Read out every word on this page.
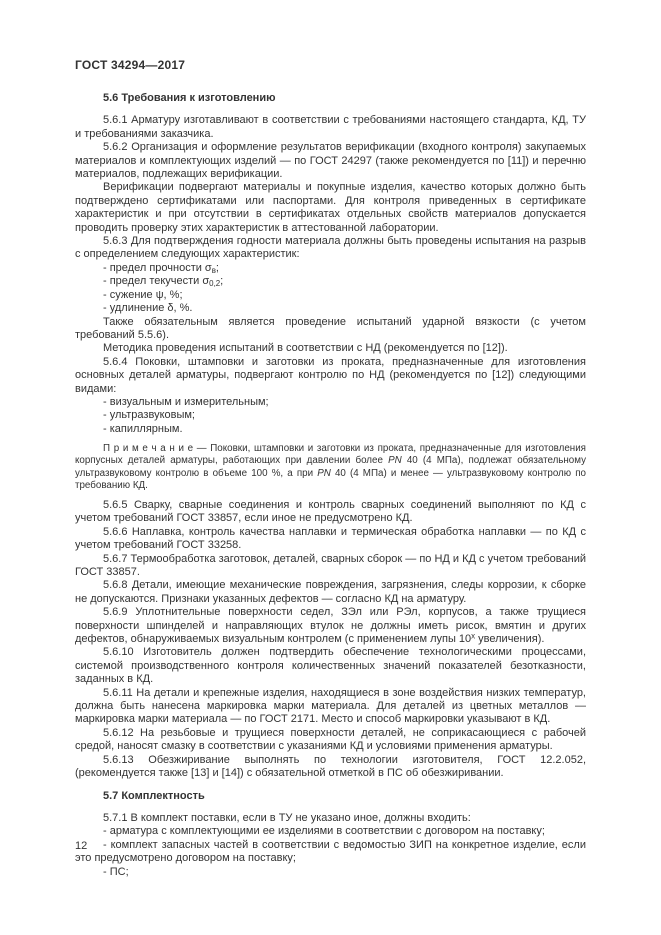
ГОСТ 34294—2017
5.6 Требования к изготовлению

5.6.1 Арматуру изготавливают в соответствии с требованиями настоящего стандарта, КД, ТУ и требованиями заказчика.

5.6.2 Организация и оформление результатов верификации (входного контроля) закупаемых материалов и комплектующих изделий — по ГОСТ 24297 (также рекомендуется по [11]) и перечню материалов, подлежащих верификации.

Верификации подвергают материалы и покупные изделия, качество которых должно быть подтверждено сертификатами или паспортами. Для контроля приведенных в сертификате характеристик и при отсутствии в сертификатах отдельных свойств материалов допускается проводить проверку этих характеристик в аттестованной лаборатории.

5.6.3 Для подтверждения годности материала должны быть проведены испытания на разрыв с определением следующих характеристик:

- предел прочности $\sigma_в$;

- предел текучести $\sigma_{0,2}$;

- сужение ψ, %;

- удлинение δ, %.

Также обязательным является проведение испытаний ударной вязкости (с учетом требований 5.5.6).

Методика проведения испытаний в соответствии с НД (рекомендуется по [12]).

5.6.4 Поковки, штамповки и заготовки из проката, предназначенные для изготовления основных деталей арматуры, подвергают контролю по НД (рекомендуется по [12]) следующими видами:

- визуальным и измерительным;

- ультразвуковым;

- капиллярным.

П р и м е ч а н и е — Поковки, штамповки и заготовки из проката, предназначенные для изготовления корпусных деталей арматуры, работающих при давлении более PN 40 (4 МПа), подлежат обязательному ультразвуковому контролю в объеме 100 %, а при PN 40 (4 МПа) и менее — ультразвуковому контролю по требованию КД.

5.6.5 Сварку, сварные соединения и контроль сварных соединений выполняют по КД с учетом требований ГОСТ 33857, если иное не предусмотрено КД.

5.6.6 Наплавка, контроль качества наплавки и термическая обработка наплавки — по КД с учетом требований ГОСТ 33258.

5.6.7 Термообработка заготовок, деталей, сварных сборок — по НД и КД с учетом требований ГОСТ 33857.

5.6.8 Детали, имеющие механические повреждения, загрязнения, следы коррозии, к сборке не допускаются. Признаки указанных дефектов — согласно КД на арматуру.

5.6.9 Уплотнительные поверхности седел, ЗЭл или РЭл, корпусов, а также трущиеся поверхности шпинделей и направляющих втулок не должны иметь рисок, вмятин и других дефектов, обнаруживаемых визуальным контролем (с применением лупы $10^х$ увеличения).

5.6.10 Изготовитель должен подтвердить обеспечение технологическими процессами, системой производственного контроля количественных значений показателей безотказности, заданных в КД.

5.6.11 На детали и крепежные изделия, находящиеся в зоне воздействия низких температур, должна быть нанесена маркировка марки материала. Для деталей из цветных металлов — маркировка марки материала — по ГОСТ 2171. Место и способ маркировки указывают в КД.

5.6.12 На резьбовые и трущиеся поверхности деталей, не соприкасающиеся с рабочей средой, наносят смазку в соответствии с указаниями КД и условиями применения арматуры.

5.6.13 Обезжиривание выполнять по технологии изготовителя, ГОСТ 12.2.052, (рекомендуется также [13] и [14]) с обязательной отметкой в ПС об обезжиривании.

5.7 Комплектность

5.7.1 В комплект поставки, если в ТУ не указано иное, должны входить:

- арматура с комплектующими ее изделиями в соответствии с договором на поставку;

- комплект запасных частей в соответствии с ведомостью ЗИП на конкретное изделие, если это предусмотрено договором на поставку;

- ПС;

12
